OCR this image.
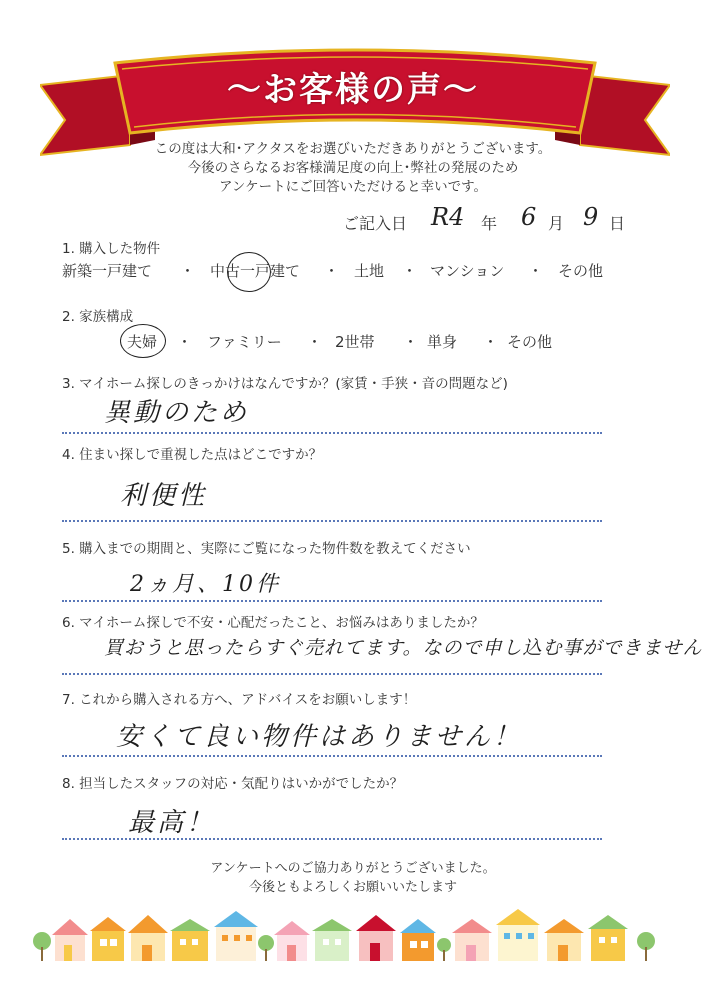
～お客様の声～
この度は大和･アクタスをお選びいただきありがとうございます。
今後のさらなるお客様満足度の向上･弊社の発展のため
アンケートにご回答いただけると幸いです。
ご記入日 R4 年 6 月 9 日
1. 購入した物件
新築一戸建て ・ 中古一戸建て ・ 土地 ・ マンション ・ その他
2. 家族構成
夫婦 ・ ファミリー ・ 2世帯 ・ 単身 ・ その他
3. マイホーム探しのきっかけはなんですか？(家賃・手狭・音の問題など)
異動のため
4. 住まい探しで重視した点はどこですか？
利便性
5. 購入までの期間と、実際にご覧になった物件数を教えてください
2ヵ月、10件
6. マイホーム探しで不安・心配だったこと、お悩みはありましたか？
買おうと思ったらすぐ売れてます。なので申し込む事ができません
7. これから購入される方へ、アドバイスをお願いします！
安くて良い物件はありません！
8. 担当したスタッフの対応・気配りはいかがでしたか？
最高！
アンケートへのご協力ありがとうございました。
今後ともよろしくお願いいたします
